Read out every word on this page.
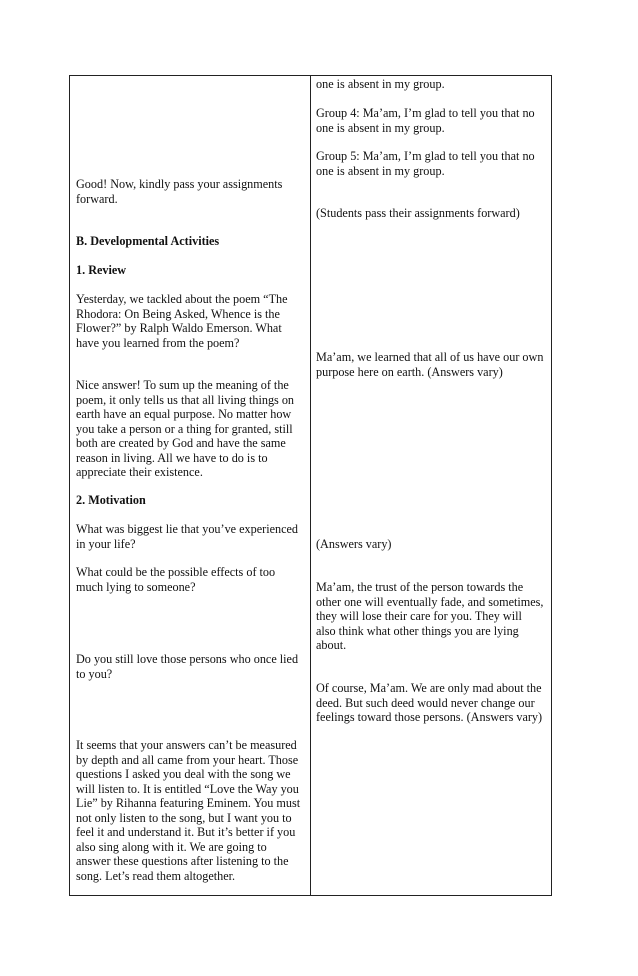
Good! Now, kindly pass your assignments forward.

B. Developmental Activities

1. Review

Yesterday, we tackled about the poem “The Rhodora: On Being Asked, Whence is the Flower?” by Ralph Waldo Emerson. What have you learned from the poem?

Nice answer! To sum up the meaning of the poem, it only tells us that all living things on earth have an equal purpose. No matter how you take a person or a thing for granted, still both are created by God and have the same reason in living. All we have to do is to appreciate their existence.

2. Motivation

What was biggest lie that you’ve experienced in your life?

What could be the possible effects of too much lying to someone?

Do you still love those persons who once lied to you?

It seems that your answers can’t be measured by depth and all came from your heart. Those questions I asked you deal with the song we will listen to. It is entitled “Love the Way you Lie” by Rihanna featuring Eminem. You must not only listen to the song, but I want you to feel it and understand it. But it’s better if you also sing along with it. We are going to answer these questions after listening to the song. Let’s read them altogether.

one is absent in my group.

Group 4: Ma’am, I’m glad to tell you that no one is absent in my group.

Group 5: Ma’am, I’m glad to tell you that no one is absent in my group.

(Students pass their assignments forward)

Ma’am, we learned that all of us have our own purpose here on earth. (Answers vary)

(Answers vary)

Ma’am, the trust of the person towards the other one will eventually fade, and sometimes, they will lose their care for you. They will also think what other things you are lying about.

Of course, Ma’am. We are only mad about the deed. But such deed would never change our feelings toward those persons. (Answers vary)
